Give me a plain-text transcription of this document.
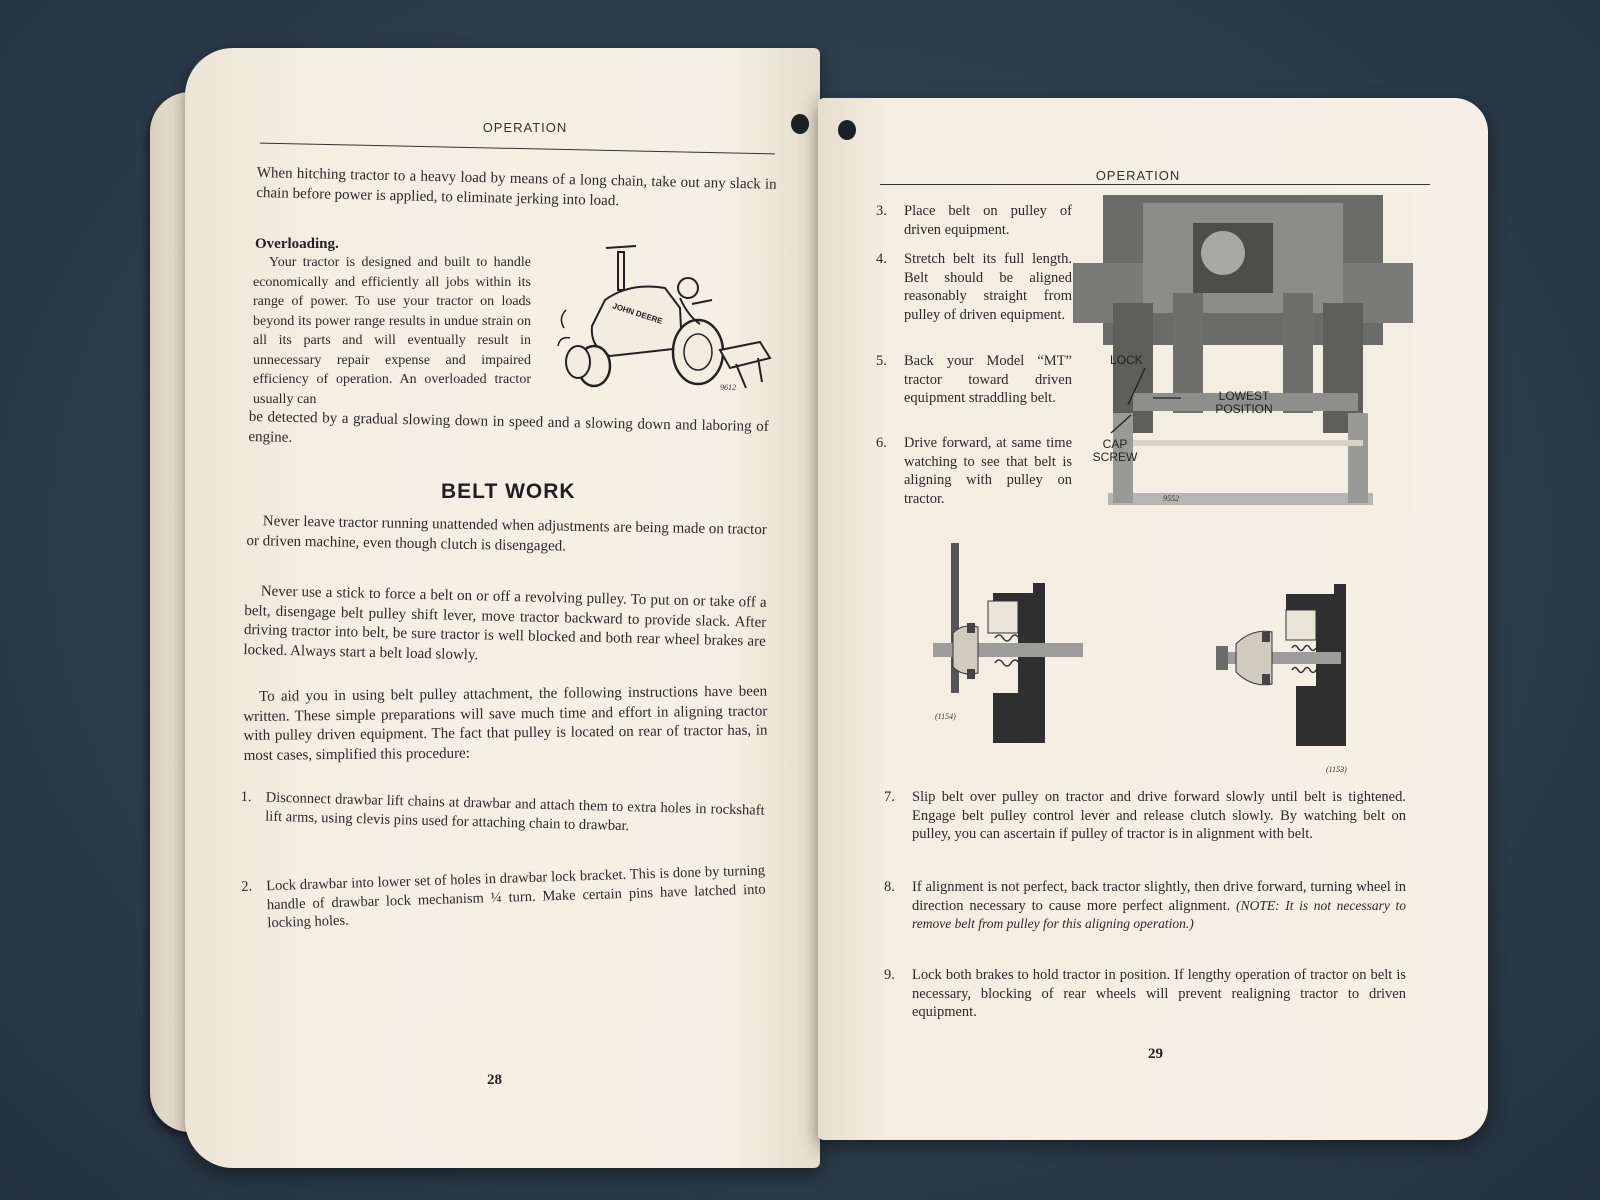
OPERATION

When hitching tractor to a heavy load by means of a long chain, take out any slack in chain before power is applied, to eliminate jerking into load.

Overloading.

Your tractor is designed and built to handle economically and efficiently all jobs within its range of power. To use your tractor on loads beyond its power range results in undue strain on all its parts and will eventually result in unnecessary repair expense and impaired efficiency of operation. An overloaded tractor usually can

JOHN DEERE
9612

be detected by a gradual slowing down in speed and a slowing down and laboring of engine.

BELT WORK

Never leave tractor running unattended when adjustments are being made on tractor or driven machine, even though clutch is disengaged.

Never use a stick to force a belt on or off a revolving pulley. To put on or take off a belt, disengage belt pulley shift lever, move tractor backward to provide slack. After driving tractor into belt, be sure tractor is well blocked and both rear wheel brakes are locked. Always start a belt load slowly.

To aid you in using belt pulley attachment, the following instructions have been written. These simple preparations will save much time and effort in aligning tractor with pulley driven equipment. The fact that pulley is located on rear of tractor has, in most cases, simplified this procedure:

1. Disconnect drawbar lift chains at drawbar and attach them to extra holes in rockshaft lift arms, using clevis pins used for attaching chain to drawbar.
2. Lock drawbar into lower set of holes in drawbar lock bracket. This is done by turning handle of drawbar lock mechanism ¼ turn. Make certain pins have latched into locking holes.
28
OPERATION
3.	Place belt on pulley of driven equipment.
4.	Stretch belt its full length. Belt should be aligned reasonably straight from pulley of driven equipment.
5.	Back your Model “MT” tractor toward driven equipment straddling belt.
6.	Drive forward, at same time watching to see that belt is aligning with pulley on tractor.	9552
LOCK
LOWEST POSITION
CAP SCREW
(1154)
(1153)
7.	Slip belt over pulley on tractor and drive forward slowly until belt is tightened. Engage belt pulley control lever and release clutch slowly. By watching belt on pulley, you can ascertain if pulley of tractor is in alignment with belt.
8.	If alignment is not perfect, back tractor slightly, then drive forward, turning wheel in direction necessary to cause more perfect alignment. (NOTE: It is not necessary to remove belt from pulley for this aligning operation.)
9.	Lock both brakes to hold tractor in position. If lengthy operation of tractor on belt is necessary, blocking of rear wheels will prevent realigning tractor to driven equipment.
29
